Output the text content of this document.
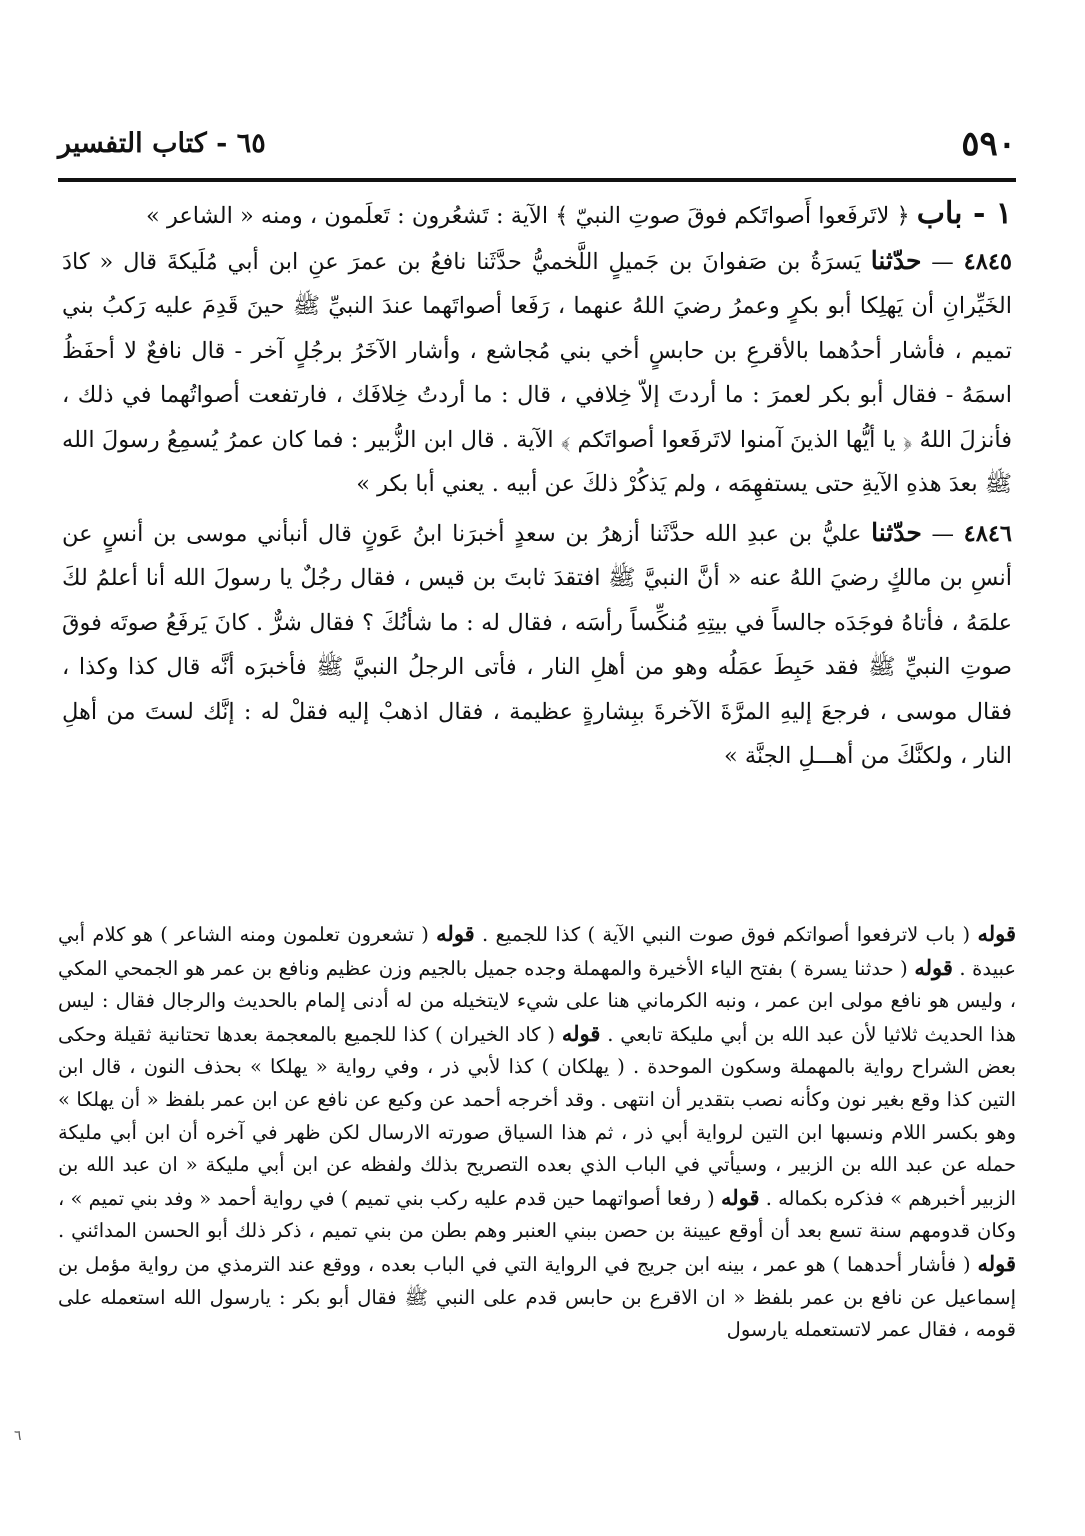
٥٩٠
٦٥ - كتاب التفسير

١ - باب ﴿ لاتَرفَعوا أَصواتَكم فوقَ صوتِ النبيّ ﴾ الآية : تَشعُرون : تَعلَمون ، ومنه « الشاعر »

٤٨٤٥ — حدّثنا يَسرَةُ بن صَفوانَ بن جَميلٍ اللَّخميُّ حدَّثَنا نافعُ بن عمرَ عنِ ابن أبي مُلَيكةَ قال « كادَ الخَيِّرانِ أن يَهلِكا أبو بكرٍ وعمرُ رضيَ اللهُ عنهما ، رَفَعا أصواتَهما عندَ النبيِّ ﷺ حينَ قَدِمَ عليه رَكبُ بني تميم ، فأشار أحدُهما بالأقرعِ بن حابسٍ أخي بني مُجاشع ، وأشار الآخَرُ برجُلٍ آخر - قال نافعٌ لا أحفَظُ اسمَهُ - فقال أبو بكر لعمرَ : ما أردتَ إلاّ خِلافي ، قال : ما أردتُ خِلافَك ، فارتفعت أصواتُهما في ذلك ، فأنزلَ اللهُ ﴿ يا أيُّها الذينَ آمنوا لاتَرفَعوا أصواتَكم ﴾ الآية . قال ابن الزُّبير : فما كان عمرُ يُسمِعُ رسولَ الله ﷺ بعدَ هذهِ الآيةِ حتى يستفهِمَه ، ولم يَذكُرْ ذلكَ عن أبيه . يعني أبا بكر »

٤٨٤٦ — حدّثنا عليُّ بن عبدِ الله حدَّثَنا أزهرُ بن سعدٍ أخبرَنا ابنُ عَونٍ قال أنبأني موسى بن أنسٍ عن أنسِ بن مالكٍ رضيَ اللهُ عنه « أنَّ النبيَّ ﷺ افتقدَ ثابتَ بن قيس ، فقال رجُلٌ يا رسولَ الله أنا أعلمُ لكَ علمَهُ ، فأتاهُ فوجَدَه جالساً في بيتِهِ مُنكِّساً رأسَه ، فقال له : ما شأنُكَ ؟ فقال شرٌّ . كانَ يَرفَعُ صوتَه فوقَ صوتِ النبيِّ ﷺ فقد حَبِطَ عمَلُه وهو من أهلِ النار ، فأتى الرجلُ النبيَّ ﷺ فأخبرَه أنَّه قال كذا وكذا ، فقال موسى ، فرجعَ إليهِ المرَّةَ الآخرةَ ببِشارةٍ عظيمة ، فقال اذهبْ إليه فقلْ له : إنَّك لستَ من أهلِ النار ، ولكنَّكَ من أهـــلِ الجنَّة »

قوله ( باب لاترفعوا أصواتكم فوق صوت النبي الآية ) كذا للجميع . قوله ( تشعرون تعلمون ومنه الشاعر ) هو كلام أبي عبيدة . قوله ( حدثنا يسرة ) بفتح الياء الأخيرة والمهملة وجده جميل بالجيم وزن عظيم ونافع بن عمر هو الجمحي المكي ، وليس هو نافع مولى ابن عمر ، ونبه الكرماني هنا على شيء لايتخيله من له أدنى إلمام بالحديث والرجال فقال : ليس هذا الحديث ثلاثيا لأن عبد الله بن أبي مليكة تابعي . قوله ( كاد الخيران ) كذا للجميع بالمعجمة بعدها تحتانية ثقيلة وحكى بعض الشراح رواية بالمهملة وسكون الموحدة . ( يهلكان ) كذا لأبي ذر ، وفي رواية « يهلكا » بحذف النون ، قال ابن التين كذا وقع بغير نون وكأنه نصب بتقدير أن انتهى . وقد أخرجه أحمد عن وكيع عن نافع عن ابن عمر بلفظ « أن يهلكا » وهو بكسر اللام ونسبها ابن التين لرواية أبي ذر ، ثم هذا السياق صورته الارسال لكن ظهر في آخره أن ابن أبي مليكة حمله عن عبد الله بن الزبير ، وسيأتي في الباب الذي بعده التصريح بذلك ولفظه عن ابن أبي مليكة « ان عبد الله بن الزبير أخبرهم » فذكره بكماله . قوله ( رفعا أصواتهما حين قدم عليه ركب بني تميم ) في رواية أحمد « وفد بني تميم » ، وكان قدومهم سنة تسع بعد أن أوقع عيينة بن حصن ببني العنبر وهم بطن من بني تميم ، ذكر ذلك أبو الحسن المدائني . قوله ( فأشار أحدهما ) هو عمر ، بينه ابن جريج في الرواية التي في الباب بعده ، ووقع عند الترمذي من رواية مؤمل بن إسماعيل عن نافع بن عمر بلفظ « ان الاقرع بن حابس قدم على النبي ﷺ فقال أبو بكر : يارسول الله استعمله على قومه ، فقال عمر لاتستعمله يارسول

٦
